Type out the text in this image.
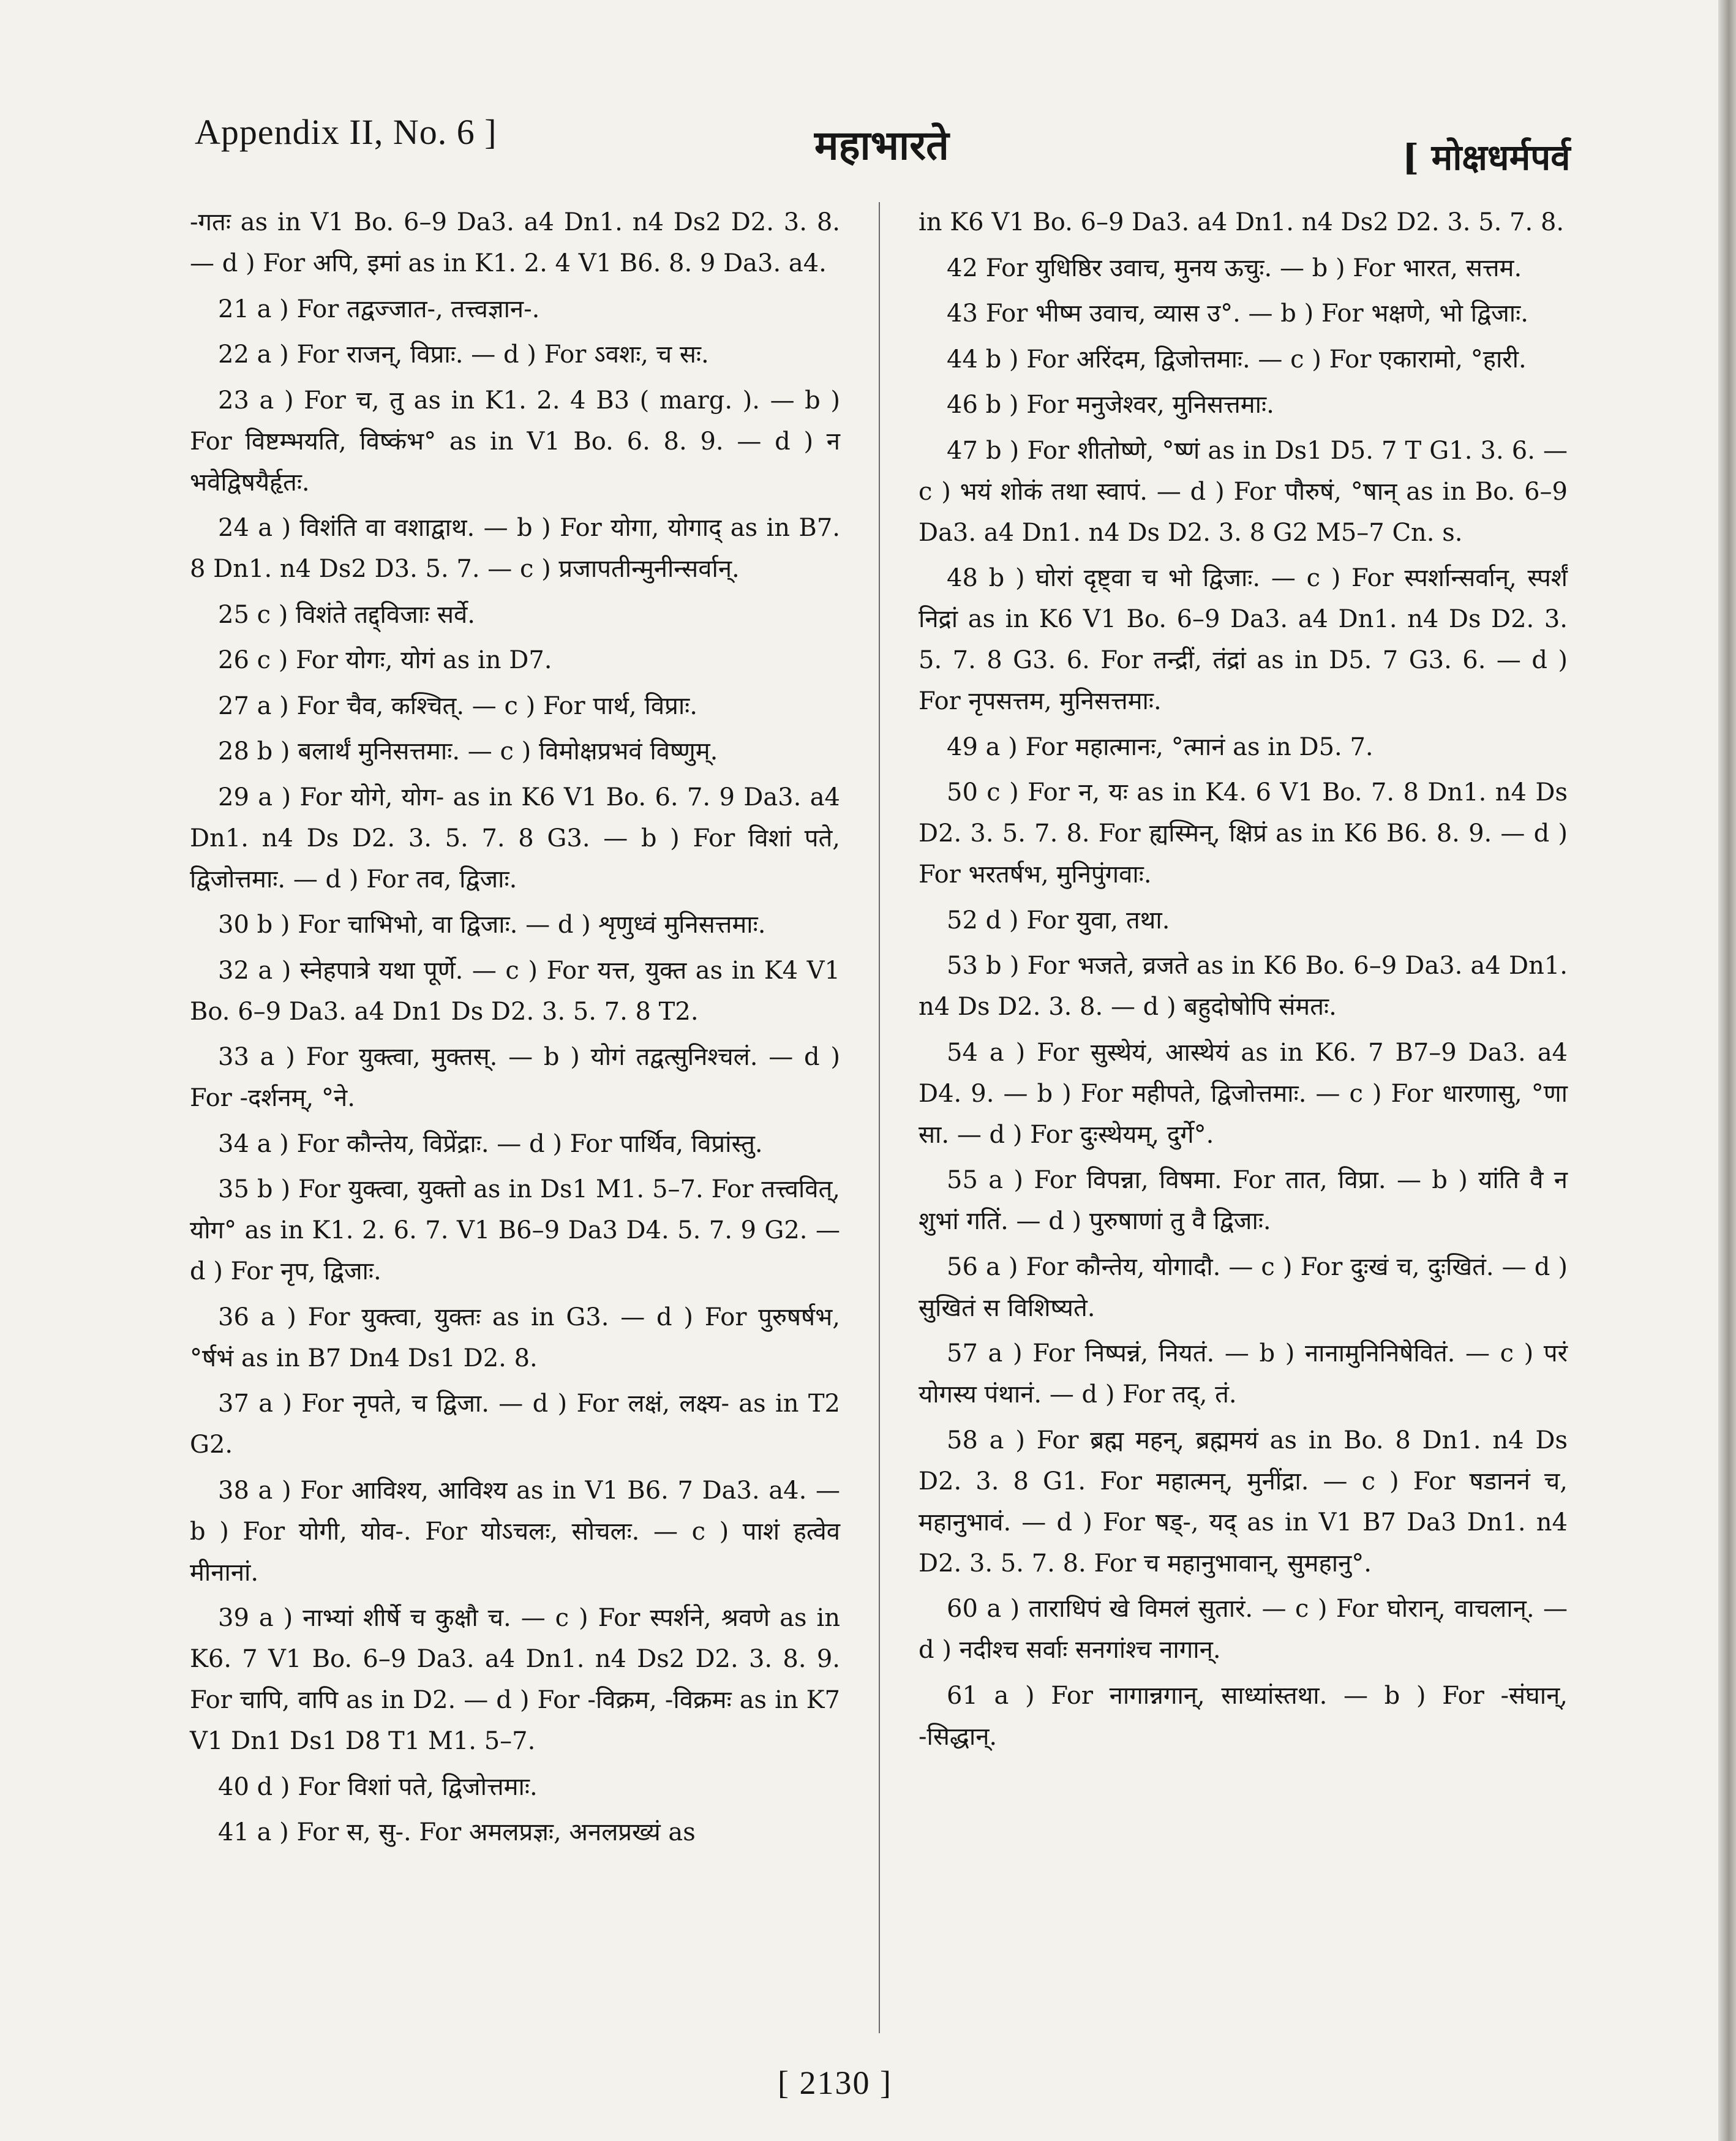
Appendix II, No. 6 ]	महाभारते	[ मोक्षधर्मपर्व

-गतः as in V1 Bo. 6–9 Da3. a4 Dn1. n4 Ds2 D2. 3. 8. — d ) For अपि, इमां as in K1. 2. 4 V1 B6. 8. 9 Da3. a4.

21 a ) For तद्वज्जात-, तत्त्वज्ञान-.

22 a ) For राजन्, विप्राः. — d ) For ऽवशः, च सः.

23 a ) For च, तु as in K1. 2. 4 B3 ( marg. ). — b ) For विष्टम्भयति, विष्कंभ° as in V1 Bo. 6. 8. 9. — d ) न भवेद्विषयैर्हृतः.

24 a ) विशंति वा वशाद्वाथ. — b ) For योगा, योगाद् as in B7. 8 Dn1. n4 Ds2 D3. 5. 7. — c ) प्रजापतीन्मुनीन्सर्वान्.

25 c ) विशंते तद्द्विजाः सर्वे.

26 c ) For योगः, योगं as in D7.

27 a ) For चैव, कश्चित्. — c ) For पार्थ, विप्राः.

28 b ) बलार्थं मुनिसत्तमाः. — c ) विमोक्षप्रभवं विष्णुम्.

29 a ) For योगे, योग- as in K6 V1 Bo. 6. 7. 9 Da3. a4 Dn1. n4 Ds D2. 3. 5. 7. 8 G3. — b ) For विशां पते, द्विजोत्तमाः. — d ) For तव, द्विजाः.

30 b ) For चाभिभो, वा द्विजाः. — d ) शृणुध्वं मुनिसत्तमाः.

32 a ) स्नेहपात्रे यथा पूर्णे. — c ) For यत्त, युक्त as in K4 V1 Bo. 6–9 Da3. a4 Dn1 Ds D2. 3. 5. 7. 8 T2.

33 a ) For युक्त्वा, मुक्तस्. — b ) योगं तद्वत्सुनिश्चलं. — d ) For -दर्शनम्, °ने.

34 a ) For कौन्तेय, विप्रेंद्राः. — d ) For पार्थिव, विप्रांस्तु.

35 b ) For युक्त्वा, युक्तो as in Ds1 M1. 5–7. For तत्त्ववित्, योग° as in K1. 2. 6. 7. V1 B6–9 Da3 D4. 5. 7. 9 G2. — d ) For नृप, द्विजाः.

36 a ) For युक्त्वा, युक्तः as in G3. — d ) For पुरुषर्षभ, °र्षभं as in B7 Dn4 Ds1 D2. 8.

37 a ) For नृपते, च द्विजा. — d ) For लक्षं, लक्ष्य- as in T2 G2.

38 a ) For आविश्य, आविश्य as in V1 B6. 7 Da3. a4. — b ) For योगी, योव-. For योऽचलः, सोचलः. — c ) पाशं हत्वेव मीनानां.

39 a ) नाभ्यां शीर्षे च कुक्षौ च. — c ) For स्पर्शने, श्रवणे as in K6. 7 V1 Bo. 6–9 Da3. a4 Dn1. n4 Ds2 D2. 3. 8. 9. For चापि, वापि as in D2. — d ) For -विक्रम, -विक्रमः as in K7 V1 Dn1 Ds1 D8 T1 M1. 5–7.

40 d ) For विशां पते, द्विजोत्तमाः.

41 a ) For स, सु-. For अमलप्रज्ञः, अनलप्रख्यं as

in K6 V1 Bo. 6–9 Da3. a4 Dn1. n4 Ds2 D2. 3. 5. 7. 8.

42 For युधिष्ठिर उवाच, मुनय ऊचुः. — b ) For भारत, सत्तम.

43 For भीष्म उवाच, व्यास उ°. — b ) For भक्षणे, भो द्विजाः.

44 b ) For अरिंदम, द्विजोत्तमाः. — c ) For एकारामो, °हारी.

46 b ) For मनुजेश्वर, मुनिसत्तमाः.

47 b ) For शीतोष्णे, °ष्णं as in Ds1 D5. 7 T G1. 3. 6. — c ) भयं शोकं तथा स्वापं. — d ) For पौरुषं, °षान् as in Bo. 6–9 Da3. a4 Dn1. n4 Ds D2. 3. 8 G2 M5–7 Cn. s.

48 b ) घोरां दृष्ट्वा च भो द्विजाः. — c ) For स्पर्शान्सर्वान्, स्पर्शं निद्रां as in K6 V1 Bo. 6–9 Da3. a4 Dn1. n4 Ds D2. 3. 5. 7. 8 G3. 6. For तन्द्रीं, तंद्रां as in D5. 7 G3. 6. — d ) For नृपसत्तम, मुनिसत्तमाः.

49 a ) For महात्मानः, °त्मानं as in D5. 7.

50 c ) For न, यः as in K4. 6 V1 Bo. 7. 8 Dn1. n4 Ds D2. 3. 5. 7. 8. For ह्यस्मिन्, क्षिप्रं as in K6 B6. 8. 9. — d ) For भरतर्षभ, मुनिपुंगवाः.

52 d ) For युवा, तथा.

53 b ) For भजते, व्रजते as in K6 Bo. 6–9 Da3. a4 Dn1. n4 Ds D2. 3. 8. — d ) बहुदोषोपि संमतः.

54 a ) For सुस्थेयं, आस्थेयं as in K6. 7 B7–9 Da3. a4 D4. 9. — b ) For महीपते, द्विजोत्तमाः. — c ) For धारणासु, °णा सा. — d ) For दुःस्थेयम्, दुर्गे°.

55 a ) For विपन्ना, विषमा. For तात, विप्रा. — b ) यांति वै न शुभां गतिं. — d ) पुरुषाणां तु वै द्विजाः.

56 a ) For कौन्तेय, योगादौ. — c ) For दुःखं च, दुःखितं. — d ) सुखितं स विशिष्यते.

57 a ) For निष्पन्नं, नियतं. — b ) नानामुनिनिषेवितं. — c ) परं योगस्य पंथानं. — d ) For तद्, तं.

58 a ) For ब्रह्म महन्, ब्रह्ममयं as in Bo. 8 Dn1. n4 Ds D2. 3. 8 G1. For महात्मन्, मुनींद्रा. — c ) For षडाननं च, महानुभावं. — d ) For षड्-, यद् as in V1 B7 Da3 Dn1. n4 D2. 3. 5. 7. 8. For च महानुभावान्, सुमहानु°.

60 a ) ताराधिपं खे विमलं सुतारं. — c ) For घोरान्, वाचलान्. — d ) नदीश्च सर्वाः सनगांश्च नागान्.

61 a ) For नागान्नगान्, साध्यांस्तथा. — b ) For -संघान्, -सिद्धान्.

[ 2130 ]
